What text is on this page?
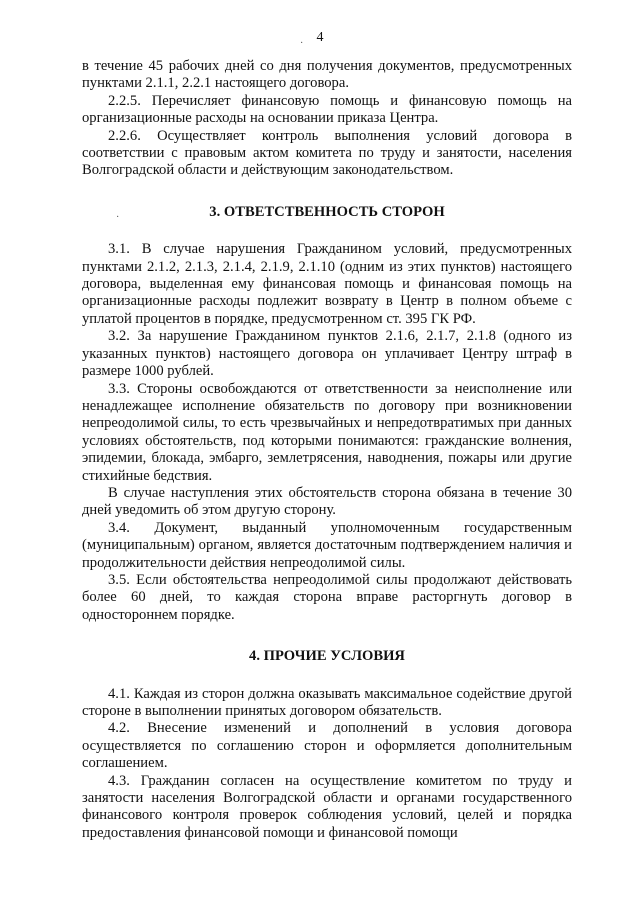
4
·
·

в течение 45 рабочих дней со дня получения документов, предусмотренных пунктами 2.1.1, 2.2.1 настоящего договора.

2.2.5. Перечисляет финансовую помощь и финансовую помощь на организационные расходы на основании приказа Центра.

2.2.6. Осуществляет контроль выполнения условий договора в соответствии с правовым актом комитета по труду и занятости, населения Волгоградской области и действующим законодательством.

3. ОТВЕТСТВЕННОСТЬ СТОРОН

3.1. В случае нарушения Гражданином условий, предусмотренных пунктами 2.1.2, 2.1.3, 2.1.4, 2.1.9, 2.1.10 (одним из этих пунктов) настоящего договора, выделенная ему финансовая помощь и финансовая помощь на организационные расходы подлежит возврату в Центр в полном объеме с уплатой процентов в порядке, предусмотренном ст. 395 ГК РФ.

3.2. За нарушение Гражданином пунктов 2.1.6, 2.1.7, 2.1.8 (одного из указанных пунктов) настоящего договора он уплачивает Центру штраф в размере 1000 рублей.

3.3. Стороны освобождаются от ответственности за неисполнение или ненадлежащее исполнение обязательств по договору при возникновении непреодолимой силы, то есть чрезвычайных и непредотвратимых при данных условиях обстоятельств, под которыми понимаются: гражданские волнения, эпидемии, блокада, эмбарго, землетрясения, наводнения, пожары или другие стихийные бедствия.

В случае наступления этих обстоятельств сторона обязана в течение 30 дней уведомить об этом другую сторону.

3.4. Документ, выданный уполномоченным государственным (муниципальным) органом, является достаточным подтверждением наличия и продолжительности действия непреодолимой силы.

3.5. Если обстоятельства непреодолимой силы продолжают действовать более 60 дней, то каждая сторона вправе расторгнуть договор в одностороннем порядке.

4. ПРОЧИЕ УСЛОВИЯ

4.1. Каждая из сторон должна оказывать максимальное содействие другой стороне в выполнении принятых договором обязательств.

4.2. Внесение изменений и дополнений в условия договора осуществляется по соглашению сторон и оформляется дополнительным соглашением.

4.3. Гражданин согласен на осуществление комитетом по труду и занятости населения Волгоградской области и органами государственного финансового контроля проверок соблюдения условий, целей и порядка предоставления финансовой помощи и финансовой помощи
